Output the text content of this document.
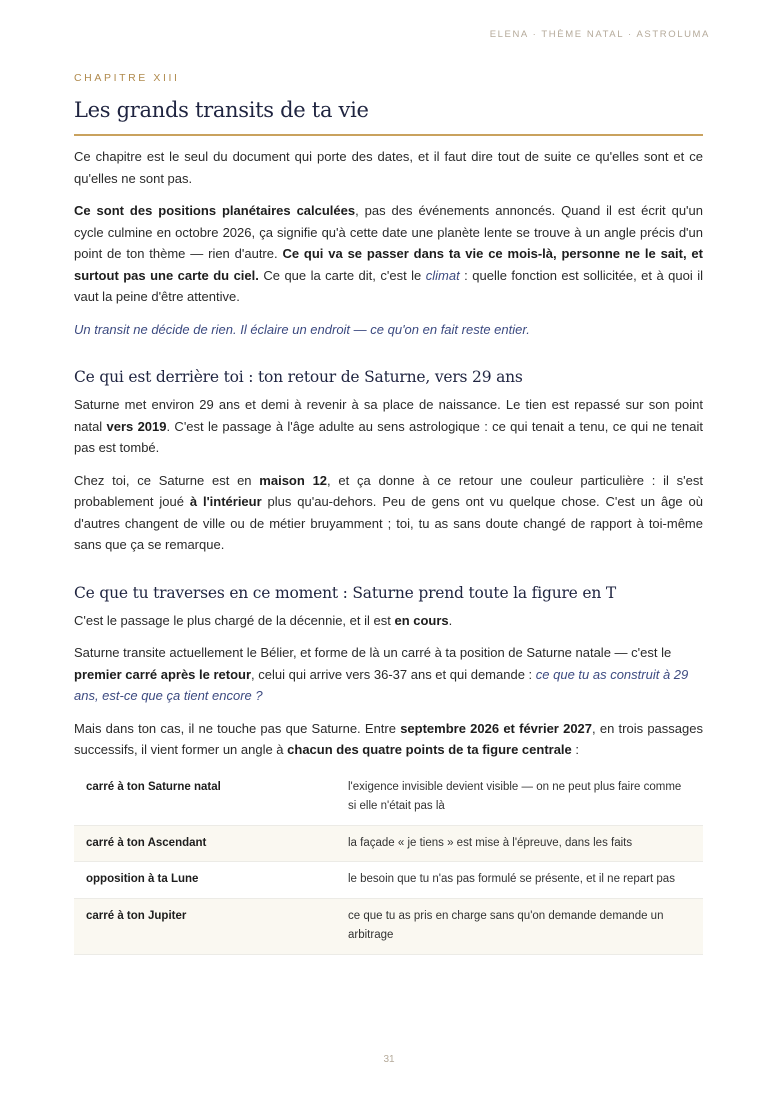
ELENA · THÈME NATAL · ASTROLUMA
CHAPITRE XIII
Les grands transits de ta vie

Ce chapitre est le seul du document qui porte des dates, et il faut dire tout de suite ce qu'elles sont et ce qu'elles ne sont pas.

Ce sont des positions planétaires calculées, pas des événements annoncés. Quand il est écrit qu'un cycle culmine en octobre 2026, ça signifie qu'à cette date une planète lente se trouve à un angle précis d'un point de ton thème — rien d'autre. Ce qui va se passer dans ta vie ce mois-là, personne ne le sait, et surtout pas une carte du ciel. Ce que la carte dit, c'est le climat : quelle fonction est sollicitée, et à quoi il vaut la peine d'être attentive.

Un transit ne décide de rien. Il éclaire un endroit — ce qu'on en fait reste entier.

Ce qui est derrière toi : ton retour de Saturne, vers 29 ans

Saturne met environ 29 ans et demi à revenir à sa place de naissance. Le tien est repassé sur son point natal vers 2019. C'est le passage à l'âge adulte au sens astrologique : ce qui tenait a tenu, ce qui ne tenait pas est tombé.

Chez toi, ce Saturne est en maison 12, et ça donne à ce retour une couleur particulière : il s'est probablement joué à l'intérieur plus qu'au-dehors. Peu de gens ont vu quelque chose. C'est un âge où d'autres changent de ville ou de métier bruyamment ; toi, tu as sans doute changé de rapport à toi-même sans que ça se remarque.

Ce que tu traverses en ce moment : Saturne prend toute la figure en T

C'est le passage le plus chargé de la décennie, et il est en cours.

Saturne transite actuellement le Bélier, et forme de là un carré à ta position de Saturne natale — c'est le premier carré après le retour, celui qui arrive vers 36-37 ans et qui demande : ce que tu as construit à 29 ans, est-ce que ça tient encore ?

Mais dans ton cas, il ne touche pas que Saturne. Entre septembre 2026 et février 2027, en trois passages successifs, il vient former un angle à chacun des quatre points de ta figure centrale :

carré à ton Saturne natal	l'exigence invisible devient visible — on ne peut plus faire comme si elle n'était pas là
carré à ton Ascendant	la façade « je tiens » est mise à l'épreuve, dans les faits
opposition à ta Lune	le besoin que tu n'as pas formulé se présente, et il ne repart pas
carré à ton Jupiter	ce que tu as pris en charge sans qu'on demande demande un arbitrage
31
